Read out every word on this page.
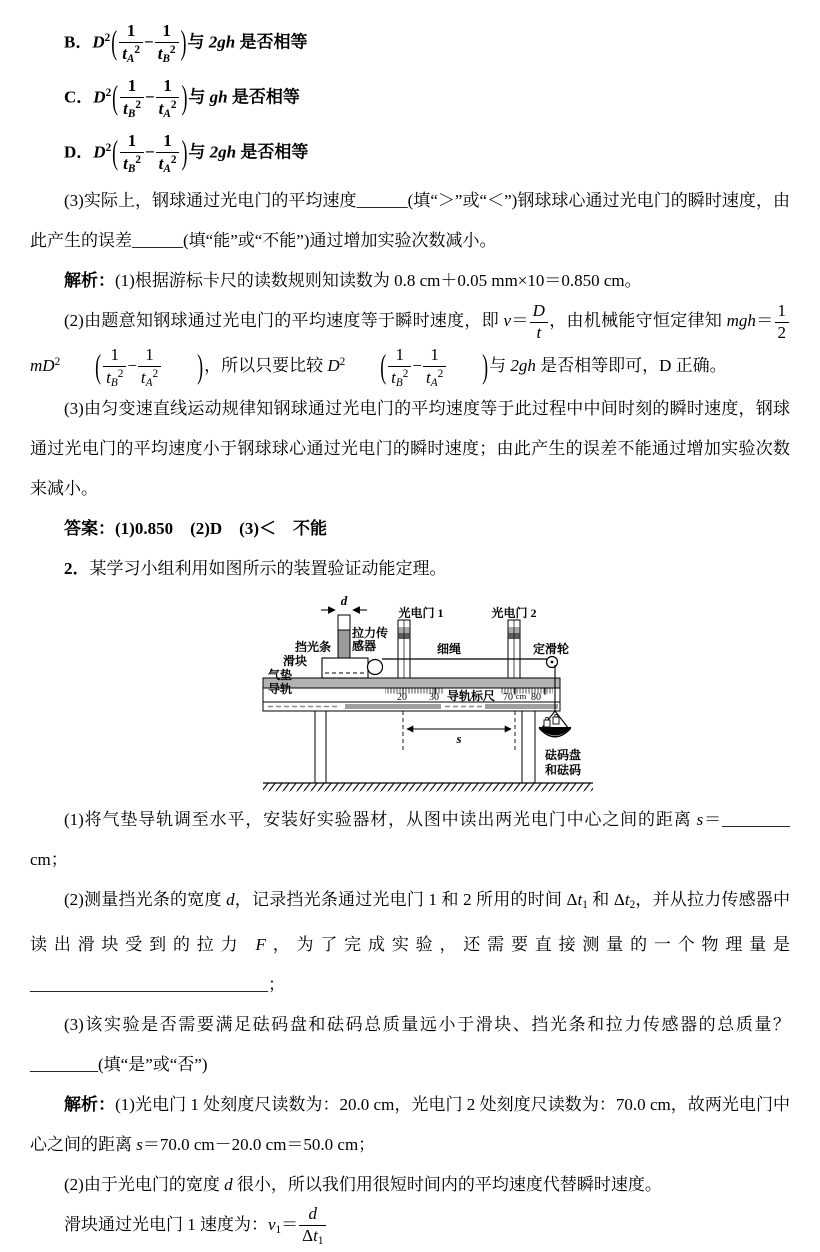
B．$D^2( \frac{1}{tA^2} - \frac{1}{tB^2}$ )与 2gh 是否相等
C．$D^2( \frac{1}{tB^2} - \frac{1}{tA^2}$ )与 gh 是否相等
D．$D^2( \frac{1}{tB^2} - \frac{1}{tA^2}$ )与 2gh 是否相等

(3)实际上，钢球通过光电门的平均速度______(填“＞”或“＜”)钢球球心通过光电门的瞬时速度，由此产生的误差______(填“能”或“不能”)通过增加实验次数减小。

解析：(1)根据游标卡尺的读数规则知读数为 0.8 cm＋0.05 mm×10＝0.850 cm。

(2)由题意知钢球通过光电门的平均速度等于瞬时速度，即 $v= \frac{D}{t}$ ，由机械能守恒定律知 $mgh= \frac{1}{2}$
$mD^2$ ( $\frac{1}{tB^2} - \frac{1}{tA^2}$ )，所以只要比较 $D^2$ ( $\frac{1}{tB^2} - \frac{1}{tA^2}$ )与 2gh 是否相等即可，D 正确。

(3)由匀变速直线运动规律知钢球通过光电门的平均速度等于此过程中中间时刻的瞬时速度，钢球通过光电门的平均速度小于钢球球心通过光电门的瞬时速度；由此产生的误差不能通过增加实验次数来减小。

答案：(1)0.850　(2)D　(3)＜　不能

2．某学习小组利用如图所示的装置验证动能定理。

20 30 导轨标尺 70 cm 80
d
s
光电门 1	光电门 2
拉力传
感器
挡光条
滑块
气垫
导轨
细绳	定滑轮
砝码盘
和砝码

(1)将气垫导轨调至水平，安装好实验器材，从图中读出两光电门中心之间的距离 s＝________ cm；

(2)测量挡光条的宽度 d，记录挡光条通过光电门 1 和 2 所用的时间 Δt1 和 Δt2，并从拉力传感器中读出滑块受到的拉力 F，为了完成实验，还需要直接测量的一个物理量是____________________________；

(3)该实验是否需要满足砝码盘和砝码总质量远小于滑块、挡光条和拉力传感器的总质量？________(填“是”或“否”)

解析：(1)光电门 1 处刻度尺读数为：20.0 cm，光电门 2 处刻度尺读数为：70.0 cm，故两光电门中心之间的距离 s＝70.0 cm－20.0 cm＝50.0 cm；

(2)由于光电门的宽度 d 很小，所以我们用很短时间内的平均速度代替瞬时速度。

滑块通过光电门 1 速度为：$v1= \frac{d}{\Delta t1}$
